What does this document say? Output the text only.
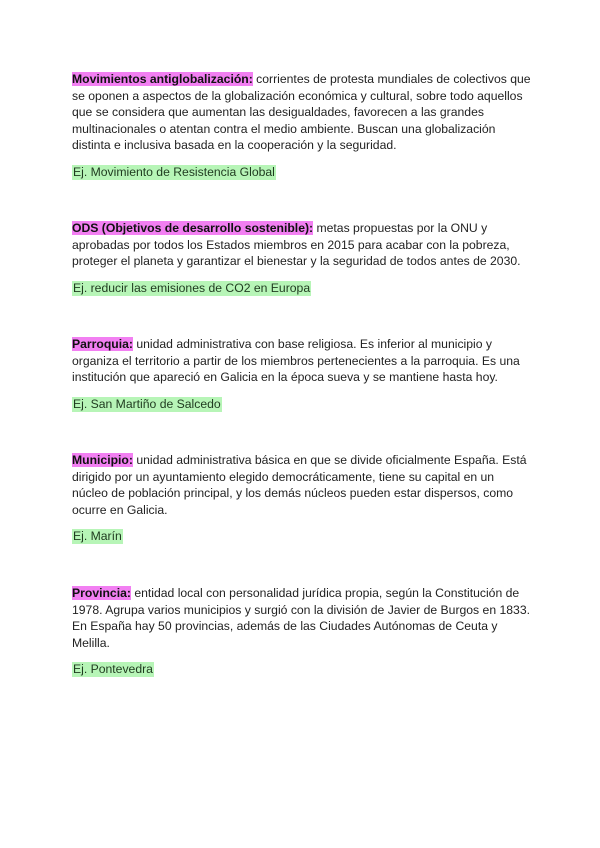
Movimientos antiglobalización: corrientes de protesta mundiales de colectivos que se oponen a aspectos de la globalización económica y cultural, sobre todo aquellos que se considera que aumentan las desigualdades, favorecen a las grandes multinacionales o atentan contra el medio ambiente. Buscan una globalización distinta e inclusiva basada en la cooperación y la seguridad.
Ej. Movimiento de Resistencia Global
ODS (Objetivos de desarrollo sostenible): metas propuestas por la ONU y aprobadas por todos los Estados miembros en 2015 para acabar con la pobreza, proteger el planeta y garantizar el bienestar y la seguridad de todos antes de 2030.
Ej. reducir las emisiones de CO2 en Europa
Parroquia: unidad administrativa con base religiosa. Es inferior al municipio y organiza el territorio a partir de los miembros pertenecientes a la parroquia. Es una institución que apareció en Galicia en la época sueva y se mantiene hasta hoy.
Ej. San Martiño de Salcedo
Municipio: unidad administrativa básica en que se divide oficialmente España. Está dirigido por un ayuntamiento elegido democráticamente, tiene su capital en un núcleo de población principal, y los demás núcleos pueden estar dispersos, como ocurre en Galicia.
Ej. Marín
Provincia: entidad local con personalidad jurídica propia, según la Constitución de 1978. Agrupa varios municipios y surgió con la división de Javier de Burgos en 1833. En España hay 50 provincias, además de las Ciudades Autónomas de Ceuta y Melilla.
Ej. Pontevedra
